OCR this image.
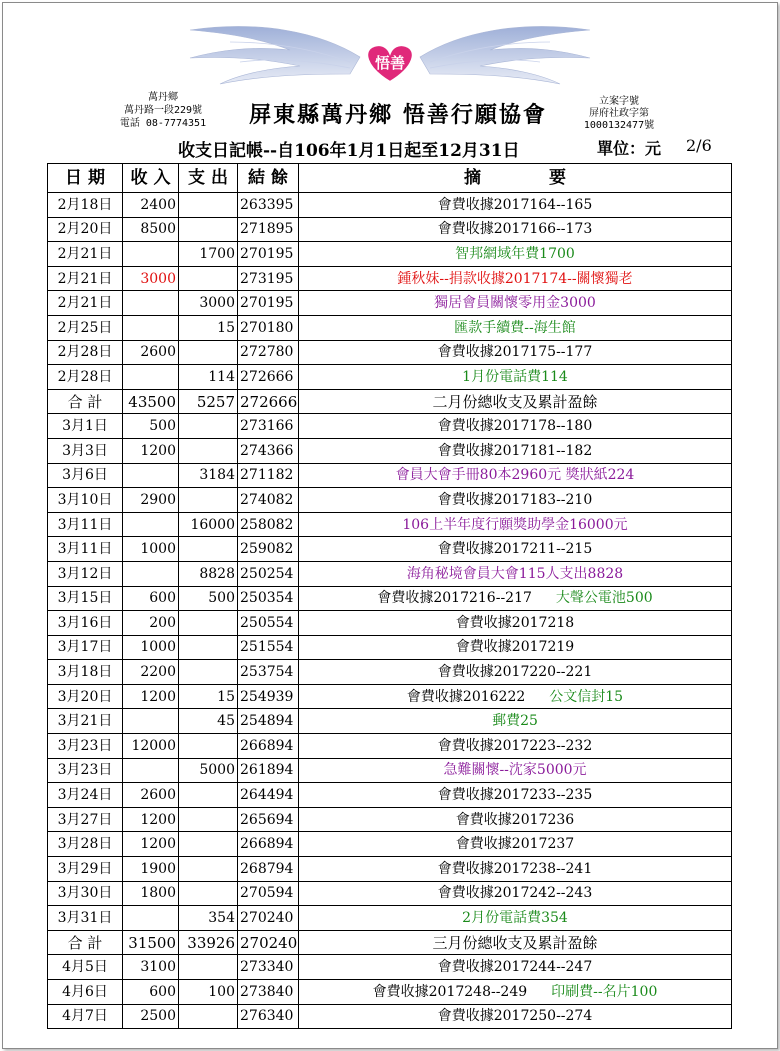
悟善
萬丹鄉
萬丹路一段229號
電話 08-7774351	屏東縣萬丹鄉 悟善行願協會
立案字號
屏府社政字第
1000132477號
收支日記帳--自106年1月1日起至12月31日	單位：元 2/6
日 期	收 入	支 出	結 餘	摘　　　　要
2月18日	2400		263395	會費收據2017164--165
2月20日	8500		271895	會費收據2017166--173
2月21日		1700	270195	智邦網域年費1700
2月21日	3000		273195	鍾秋妹--捐款收據2017174--關懷獨老
2月21日		3000	270195	獨居會員關懷零用金3000
2月25日		15	270180	匯款手續費--海生館
2月28日	2600		272780	會費收據2017175--177
2月28日		114	272666	1月份電話費114
合 計	43500	5257	272666	二月份總收支及累計盈餘
3月1日	500		273166	會費收據2017178--180
3月3日	1200		274366	會費收據2017181--182
3月6日		3184	271182	會員大會手冊80本2960元 獎狀紙224
3月10日	2900		274082	會費收據2017183--210
3月11日		16000	258082	106上半年度行願獎助學金16000元
3月11日	1000		259082	會費收據2017211--215
3月12日		8828	250254	海角秘境會員大會115人支出8828
3月15日	600	500	250354	會費收據2017216--217 大聲公電池500
3月16日	200		250554	會費收據2017218
3月17日	1000		251554	會費收據2017219
3月18日	2200		253754	會費收據2017220--221
3月20日	1200	15	254939	會費收據2016222 公文信封15
3月21日		45	254894	郵費25
3月23日	12000		266894	會費收據2017223--232
3月23日		5000	261894	急難關懷--沈家5000元
3月24日	2600		264494	會費收據2017233--235
3月27日	1200		265694	會費收據2017236
3月28日	1200		266894	會費收據2017237
3月29日	1900		268794	會費收據2017238--241
3月30日	1800		270594	會費收據2017242--243
3月31日		354	270240	2月份電話費354
合 計	31500	33926	270240	三月份總收支及累計盈餘
4月5日	3100		273340	會費收據2017244--247
4月6日	600	100	273840	會費收據2017248--249 印刷費--名片100
4月7日	2500		276340	會費收據2017250--274
